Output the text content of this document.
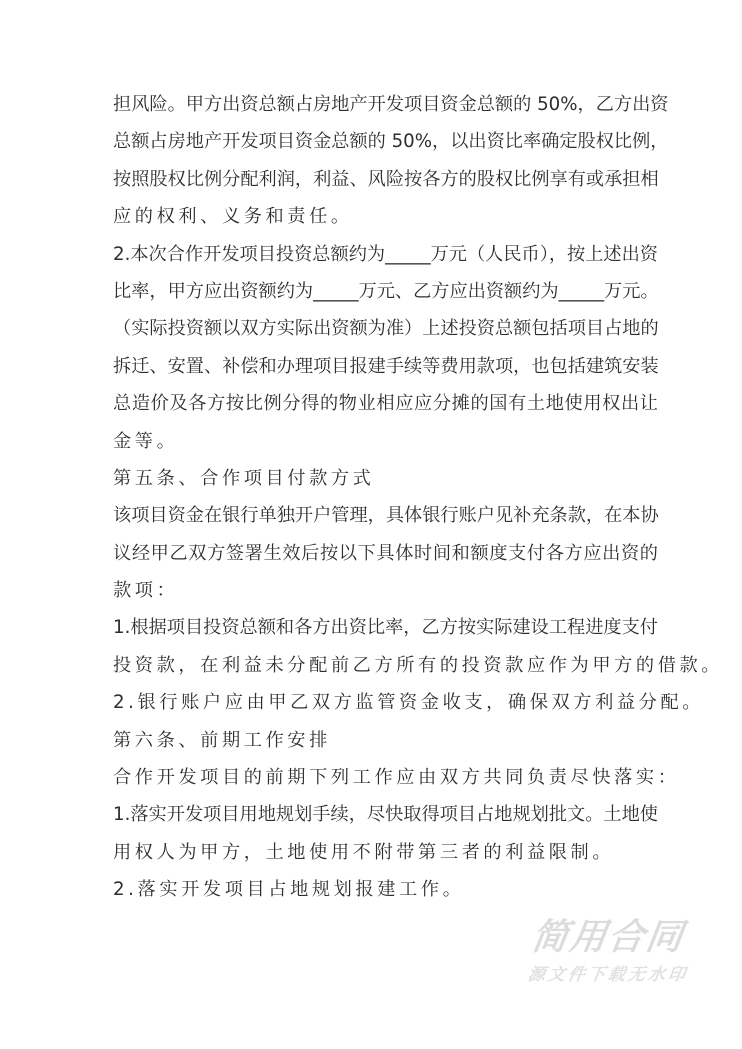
担风险。甲方出资总额占房地产开发项目资金总额的 50%，乙方出资
总额占房地产开发项目资金总额的 50%，以出资比率确定股权比例，
按照股权比例分配利润，利益、风险按各方的股权比例享有或承担相
应的权利、义务和责任。
2.本次合作开发项目投资总额约为_____万元（人民币），按上述出资
比率，甲方应出资额约为_____万元、乙方应出资额约为_____万元。
（实际投资额以双方实际出资额为准）上述投资总额包括项目占地的
拆迁、安置、补偿和办理项目报建手续等费用款项，也包括建筑安装
总造价及各方按比例分得的物业相应应分摊的国有土地使用权出让
金等。
第五条、合作项目付款方式
该项目资金在银行单独开户管理，具体银行账户见补充条款，在本协
议经甲乙双方签署生效后按以下具体时间和额度支付各方应出资的
款项：
1.根据项目投资总额和各方出资比率，乙方按实际建设工程进度支付
投资款，在利益未分配前乙方所有的投资款应作为甲方的借款。
2.银行账户应由甲乙双方监管资金收支，确保双方利益分配。
第六条、前期工作安排
合作开发项目的前期下列工作应由双方共同负责尽快落实：
1.落实开发项目用地规划手续，尽快取得项目占地规划批文。土地使
用权人为甲方，土地使用不附带第三者的利益限制。
2.落实开发项目占地规划报建工作。
简用合同
源文件下载无水印
